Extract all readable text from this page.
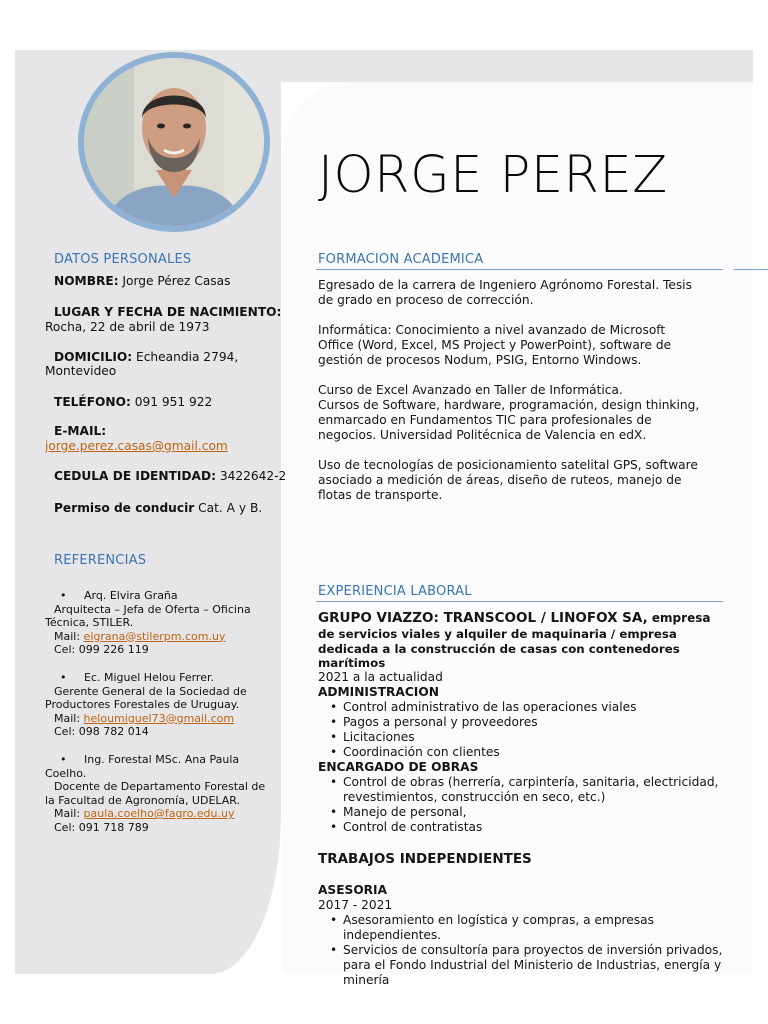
JORGE PEREZ
DATOS PERSONALES
NOMBRE: Jorge Pérez Casas
LUGAR Y FECHA DE NACIMIENTO:
Rocha, 22 de abril de 1973
DOMICILIO: Echeandia 2794,
Montevideo
TELÉFONO: 091 951 922
E-MAIL:
jorge.perez.casas@gmail.com
CEDULA DE IDENTIDAD: 3422642-2
Permiso de conducir Cat. A y B.
REFERENCIAS
• Arq. Elvira Graña
Arquitecta – Jefa de Oferta – Oficina
Técnica, STILER.
Mail: elgrana@stilerpm.com.uy
Cel: 099 226 119
• Ec. Miguel Helou Ferrer.
Gerente General de la Sociedad de
Productores Forestales de Uruguay.
Mail: heloumiguel73@gmail.com
Cel: 098 782 014
• Ing. Forestal MSc. Ana Paula
Coelho.
Docente de Departamento Forestal de
la Facultad de Agronomía, UDELAR.
Mail: paula.coelho@fagro.edu.uy
Cel: 091 718 789
FORMACION ACADEMICA
Egresado de la carrera de Ingeniero Agrónomo Forestal. Tesis
de grado en proceso de corrección.
Informática: Conocimiento a nivel avanzado de Microsoft
Office (Word, Excel, MS Project y PowerPoint), software de
gestión de procesos Nodum, PSIG, Entorno Windows.
Curso de Excel Avanzado en Taller de Informática.
Cursos de Software, hardware, programación, design thinking,
enmarcado en Fundamentos TIC para profesionales de
negocios. Universidad Politécnica de Valencia en edX.
Uso de tecnologías de posicionamiento satelital GPS, software
asociado a medición de áreas, diseño de ruteos, manejo de
flotas de transporte.
EXPERIENCIA LABORAL
GRUPO VIAZZO: TRANSCOOL / LINOFOX SA, empresa
de servicios viales y alquiler de maquinaria / empresa
dedicada a la construcción de casas con contenedores
marítimos
2021 a la actualidad
ADMINISTRACION
• Control administrativo de las operaciones viales
• Pagos a personal y proveedores
• Licitaciones
• Coordinación con clientes
ENCARGADO DE OBRAS
• Control de obras (herrería, carpintería, sanitaria, electricidad, revestimientos, construcción en seco, etc.)
• Manejo de personal,
• Control de contratistas
TRABAJOS INDEPENDIENTES
ASESORIA
2017 - 2021
• Asesoramiento en logística y compras, a empresas independientes.
• Servicios de consultoría para proyectos de inversión privados, para el Fondo Industrial del Ministerio de Industrias, energía y minería
